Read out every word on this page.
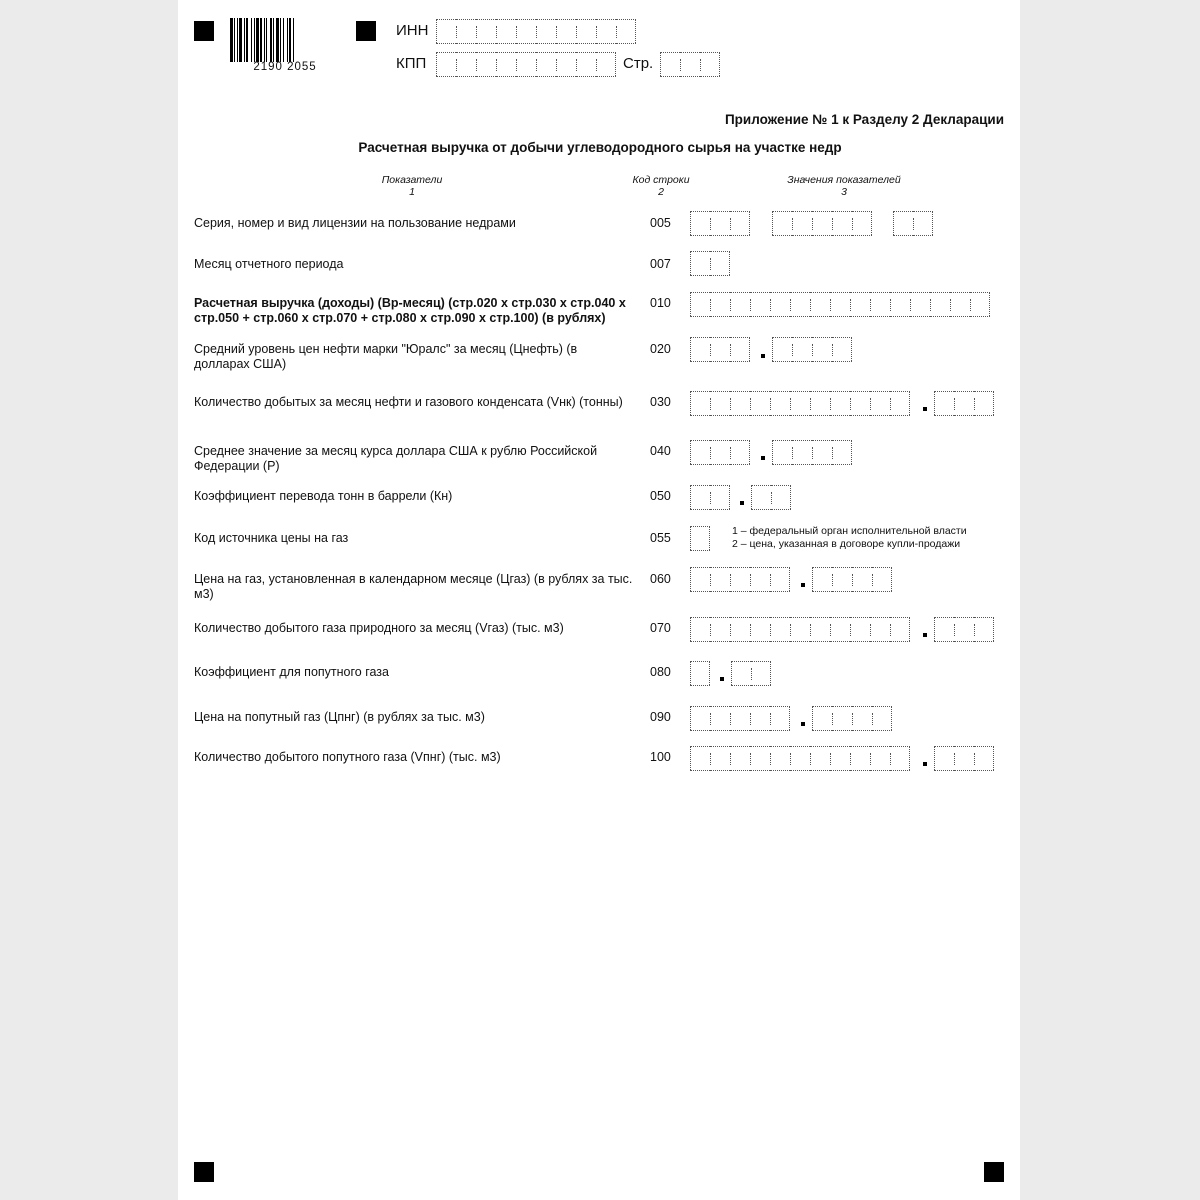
2190 2055
ИНН
КПП	Стр.
Приложение № 1 к Разделу 2 Декларации
Расчетная выручка от добычи углеводородного сырья на участке недр
Показатели
1
Код строки
2
Значения показателей
3
Серия, номер и вид лицензии на пользование недрами	005
Месяц отчетного периода	007
Расчетная выручка (доходы) (Вр-месяц) (стр.020 х стр.030 х стр.040 х стр.050 + стр.060 х стр.070 + стр.080 х стр.090 х стр.100) (в рублях)
010
Средний уровень цен нефти марки "Юралс" за месяц (Цнефть) (в долларах США)
020
Количество добытых за месяц нефти и газового конденсата (Vнк) (тонны)	030
Среднее значение за месяц курса доллара США к рублю Российской Федерации (Р)
040
Коэффициент перевода тонн в баррели (Кн)	050
Код источника цены на газ	055	1 – федеральный орган исполнительной власти
2 – цена, указанная в договоре купли-продажи
Цена на газ, установленная в календарном месяце (Цгаз) (в рублях за тыс. м3)
060
Количество добытого газа природного за месяц (Vгаз) (тыс. м3)	070
Коэффициент для попутного газа	080
Цена на попутный газ (Цпнг) (в рублях за тыс. м3)	090
Количество добытого попутного газа (Vпнг) (тыс. м3)	100
